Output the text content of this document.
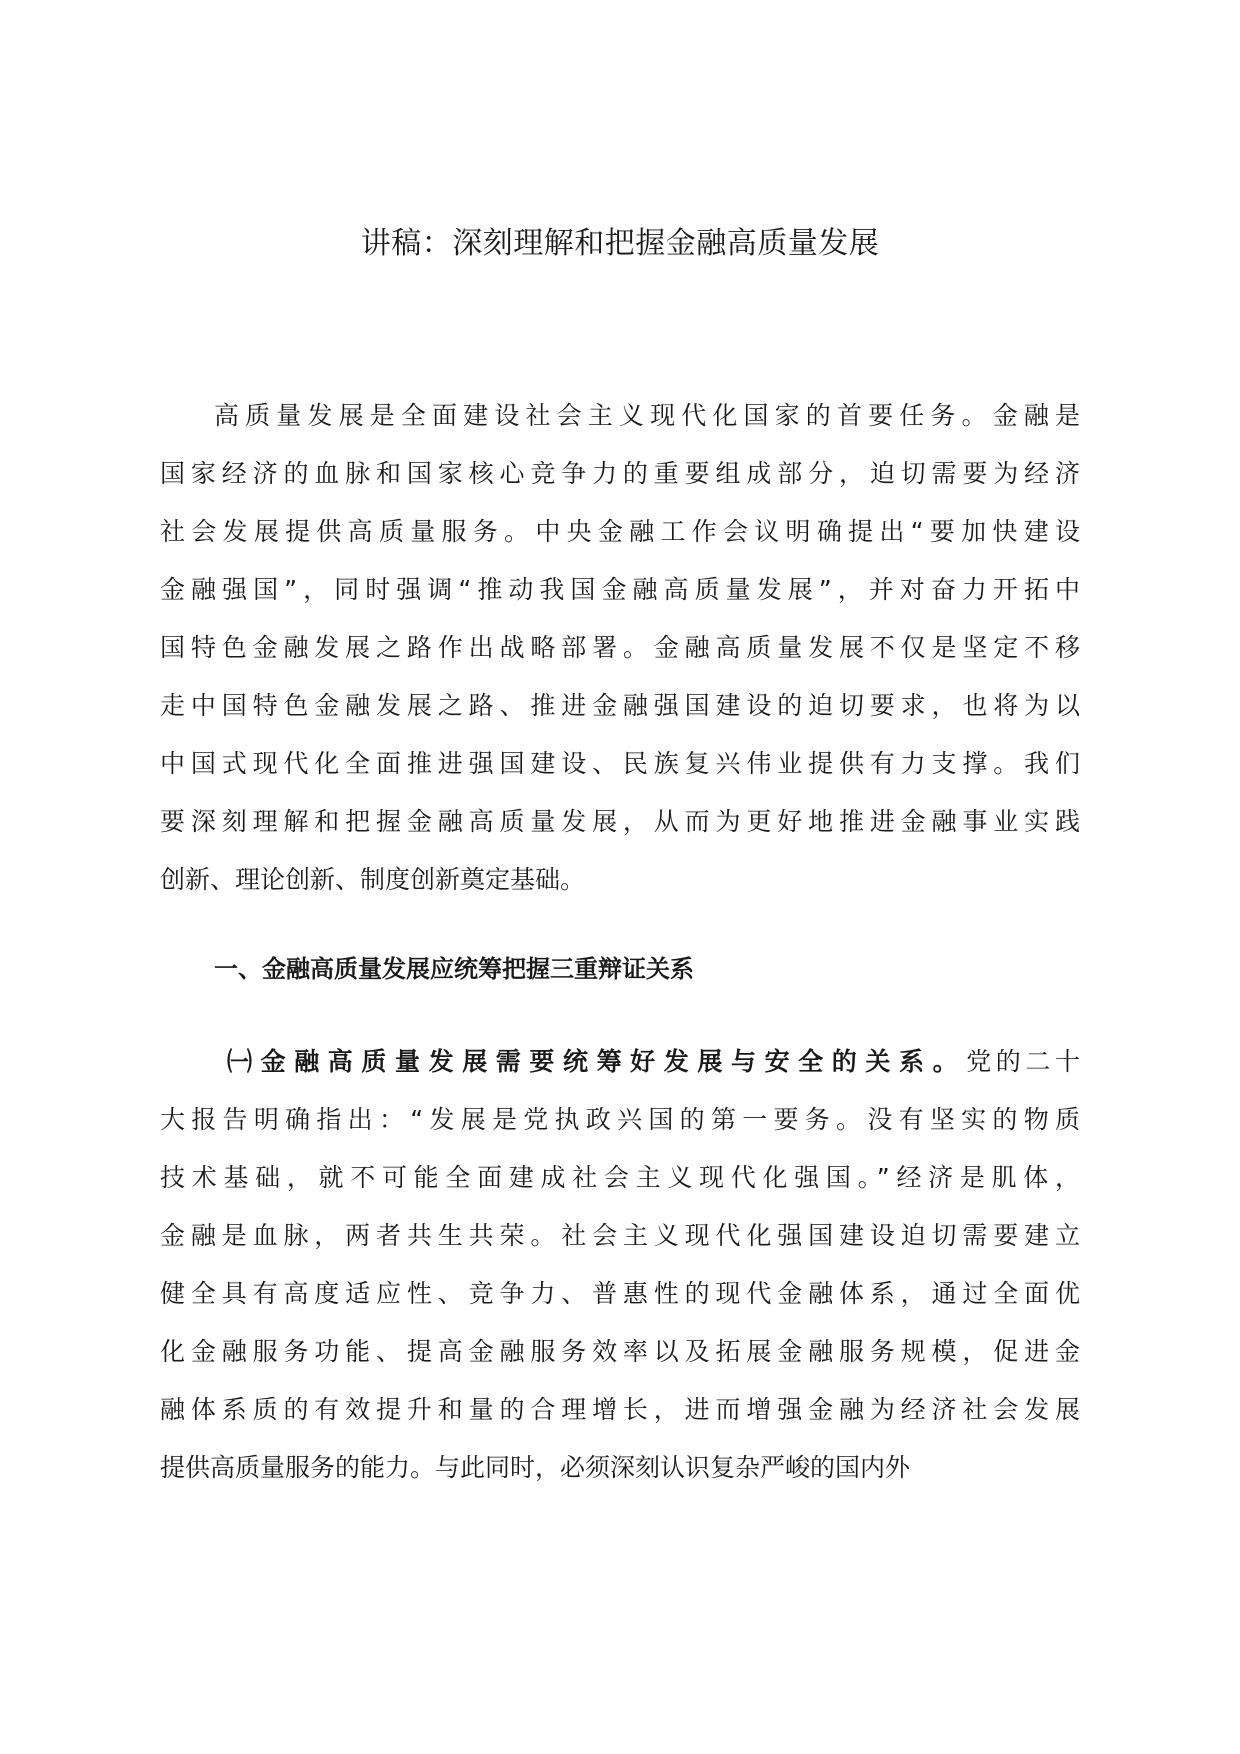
讲稿：深刻理解和把握金融高质量发展
高质量发展是全面建设社会主义现代化国家的首要任务。金融是
国家经济的血脉和国家核心竞争力的重要组成部分，迫切需要为经济
社会发展提供高质量服务。中央金融工作会议明确提出“要加快建设
金融强国”，同时强调“推动我国金融高质量发展”，并对奋力开拓中
国特色金融发展之路作出战略部署。金融高质量发展不仅是坚定不移
走中国特色金融发展之路、推进金融强国建设的迫切要求，也将为以
中国式现代化全面推进强国建设、民族复兴伟业提供有力支撑。我们
要深刻理解和把握金融高质量发展，从而为更好地推进金融事业实践
创新、理论创新、制度创新奠定基础。
一、金融高质量发展应统筹把握三重辩证关系
㈠金融高质量发展需要统筹好发展与安全的关系。党的二十
大报告明确指出：“发展是党执政兴国的第一要务。没有坚实的物质
技术基础，就不可能全面建成社会主义现代化强国。”经济是肌体，
金融是血脉，两者共生共荣。社会主义现代化强国建设迫切需要建立
健全具有高度适应性、竞争力、普惠性的现代金融体系，通过全面优
化金融服务功能、提高金融服务效率以及拓展金融服务规模，促进金
融体系质的有效提升和量的合理增长，进而增强金融为经济社会发展
提供高质量服务的能力。与此同时，必须深刻认识复杂严峻的国内外
